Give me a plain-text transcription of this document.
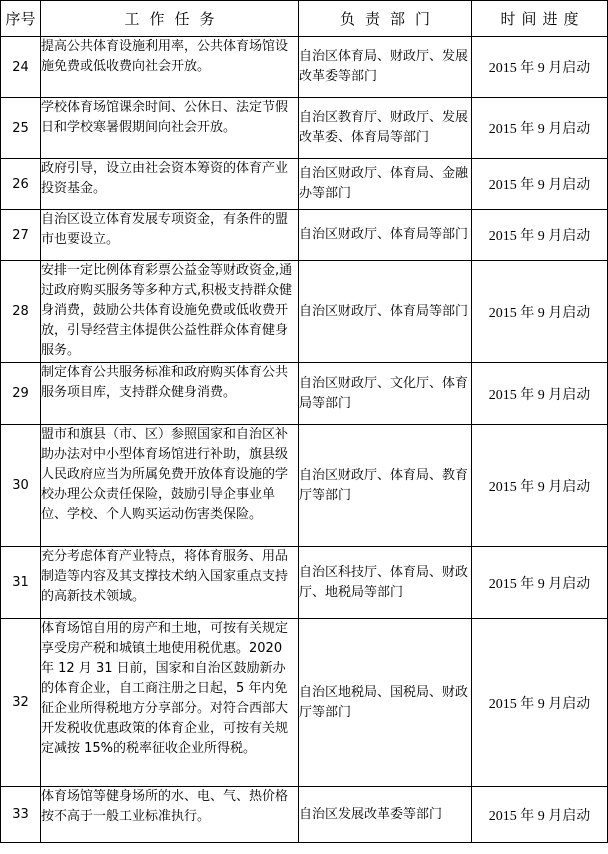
序号	工作任务	负责部门	时间进度
24	提高公共体育设施利用率，公共体育场馆设施免费或低收费向社会开放。	自治区体育局、财政厅、发展改革委等部门	2015 年 9 月启动
25	学校体育场馆课余时间、公休日、法定节假日和学校寒暑假期间向社会开放。	自治区教育厅、财政厅、发展改革委、体育局等部门	2015 年 9 月启动
26	政府引导，设立由社会资本筹资的体育产业投资基金。	自治区财政厅、体育局、金融办等部门	2015 年 9 月启动
27	自治区设立体育发展专项资金，有条件的盟市也要设立。	自治区财政厅、体育局等部门	2015 年 9 月启动
28	安排一定比例体育彩票公益金等财政资金,通过政府购买服务等多种方式,积极支持群众健身消费，鼓励公共体育设施免费或低收费开放，引导经营主体提供公益性群众体育健身服务。	自治区财政厅、体育局等部门	2015 年 9 月启动
29	制定体育公共服务标准和政府购买体育公共服务项目库，支持群众健身消费。	自治区财政厅、文化厅、体育局等部门	2015 年 9 月启动
30	盟市和旗县（市、区）参照国家和自治区补助办法对中小型体育场馆进行补助，旗县级人民政府应当为所属免费开放体育设施的学校办理公众责任保险，鼓励引导企事业单位、学校、个人购买运动伤害类保险。	自治区财政厅、体育局、教育厅等部门	2015 年 9 月启动
31	充分考虑体育产业特点，将体育服务、用品制造等内容及其支撑技术纳入国家重点支持的高新技术领域。	自治区科技厅、体育局、财政厅、地税局等部门	2015 年 9 月启动
32	体育场馆自用的房产和土地，可按有关规定享受房产税和城镇土地使用税优惠。2020 年 12 月 31 日前，国家和自治区鼓励新办的体育企业，自工商注册之日起，5 年内免征企业所得税地方分享部分。对符合西部大开发税收优惠政策的体育企业，可按有关规定减按 15%的税率征收企业所得税。	自治区地税局、国税局、财政厅等部门	2015 年 9 月启动
33	体育场馆等健身场所的水、电、气、热价格按不高于一般工业标准执行。	自治区发展改革委等部门	2015 年 9 月启动
